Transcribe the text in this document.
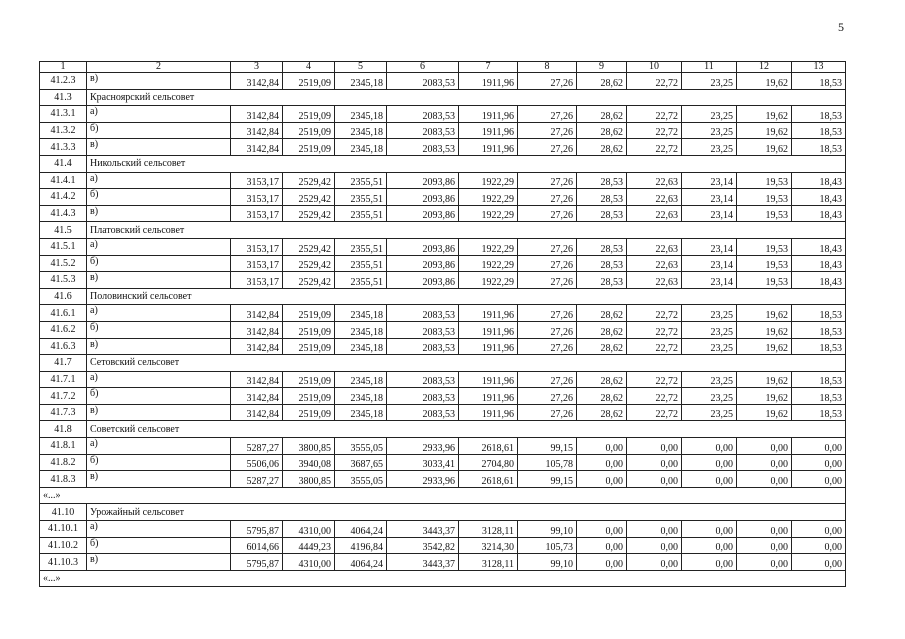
5
1	2	3	4	5	6	7	8	9	10	11	12	13
41.2.3	в)	3142,84	2519,09	2345,18	2083,53	1911,96	27,26	28,62	22,72	23,25	19,62	18,53
41.3	Красноярский сельсовет											
41.3.1	а)	3142,84	2519,09	2345,18	2083,53	1911,96	27,26	28,62	22,72	23,25	19,62	18,53
41.3.2	б)	3142,84	2519,09	2345,18	2083,53	1911,96	27,26	28,62	22,72	23,25	19,62	18,53
41.3.3	в)	3142,84	2519,09	2345,18	2083,53	1911,96	27,26	28,62	22,72	23,25	19,62	18,53
41.4	Никольский сельсовет											
41.4.1	а)	3153,17	2529,42	2355,51	2093,86	1922,29	27,26	28,53	22,63	23,14	19,53	18,43
41.4.2	б)	3153,17	2529,42	2355,51	2093,86	1922,29	27,26	28,53	22,63	23,14	19,53	18,43
41.4.3	в)	3153,17	2529,42	2355,51	2093,86	1922,29	27,26	28,53	22,63	23,14	19,53	18,43
41.5	Платовский сельсовет											
41.5.1	а)	3153,17	2529,42	2355,51	2093,86	1922,29	27,26	28,53	22,63	23,14	19,53	18,43
41.5.2	б)	3153,17	2529,42	2355,51	2093,86	1922,29	27,26	28,53	22,63	23,14	19,53	18,43
41.5.3	в)	3153,17	2529,42	2355,51	2093,86	1922,29	27,26	28,53	22,63	23,14	19,53	18,43
41.6	Половинский сельсовет											
41.6.1	а)	3142,84	2519,09	2345,18	2083,53	1911,96	27,26	28,62	22,72	23,25	19,62	18,53
41.6.2	б)	3142,84	2519,09	2345,18	2083,53	1911,96	27,26	28,62	22,72	23,25	19,62	18,53
41.6.3	в)	3142,84	2519,09	2345,18	2083,53	1911,96	27,26	28,62	22,72	23,25	19,62	18,53
41.7	Сетовский сельсовет											
41.7.1	а)	3142,84	2519,09	2345,18	2083,53	1911,96	27,26	28,62	22,72	23,25	19,62	18,53
41.7.2	б)	3142,84	2519,09	2345,18	2083,53	1911,96	27,26	28,62	22,72	23,25	19,62	18,53
41.7.3	в)	3142,84	2519,09	2345,18	2083,53	1911,96	27,26	28,62	22,72	23,25	19,62	18,53
41.8	Советский сельсовет											
41.8.1	а)	5287,27	3800,85	3555,05	2933,96	2618,61	99,15	0,00	0,00	0,00	0,00	0,00
41.8.2	б)	5506,06	3940,08	3687,65	3033,41	2704,80	105,78	0,00	0,00	0,00	0,00	0,00
41.8.3	в)	5287,27	3800,85	3555,05	2933,96	2618,61	99,15	0,00	0,00	0,00	0,00	0,00
«...»												
41.10	Урожайный сельсовет											
41.10.1	а)	5795,87	4310,00	4064,24	3443,37	3128,11	99,10	0,00	0,00	0,00	0,00	0,00
41.10.2	б)	6014,66	4449,23	4196,84	3542,82	3214,30	105,73	0,00	0,00	0,00	0,00	0,00
41.10.3	в)	5795,87	4310,00	4064,24	3443,37	3128,11	99,10	0,00	0,00	0,00	0,00	0,00
«...»												
